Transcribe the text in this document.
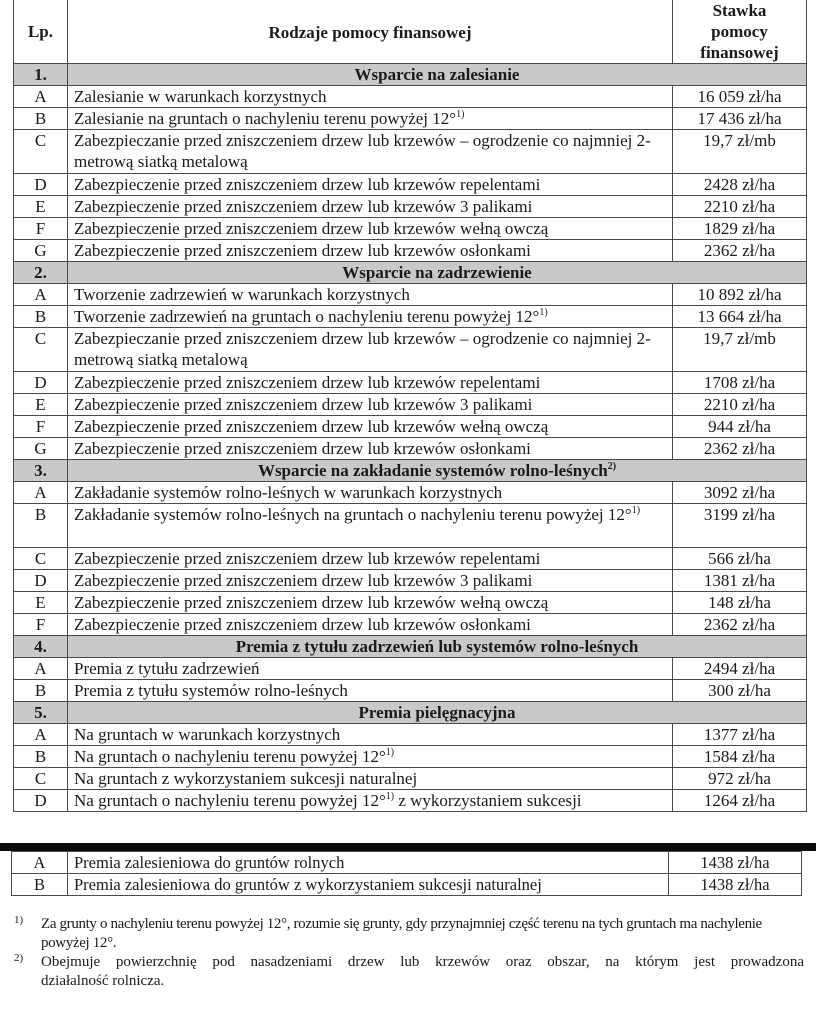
Lp.	Rodzaje pomocy finansowej	Stawka
pomocy
finansowej
1.	Wsparcie na zalesianie	
A	Zalesianie w warunkach korzystnych	16 059 zł/ha
B	Zalesianie na gruntach o nachyleniu terenu powyżej 12°$^{1)}$	17 436 zł/ha
C	Zabezpieczanie przed zniszczeniem drzew lub krzewów – ogrodzenie co najmniej 2-metrową siatką metalową	19,7 zł/mb
D	Zabezpieczenie przed zniszczeniem drzew lub krzewów repelentami	2428 zł/ha
E	Zabezpieczenie przed zniszczeniem drzew lub krzewów 3 palikami	2210 zł/ha
F	Zabezpieczenie przed zniszczeniem drzew lub krzewów wełną owczą	1829 zł/ha
G	Zabezpieczenie przed zniszczeniem drzew lub krzewów osłonkami	2362 zł/ha
2.	Wsparcie na zadrzewienie	
A	Tworzenie zadrzewień w warunkach korzystnych	10 892 zł/ha
B	Tworzenie zadrzewień na gruntach o nachyleniu terenu powyżej 12°$^{1)}$	13 664 zł/ha
C	Zabezpieczanie przed zniszczeniem drzew lub krzewów – ogrodzenie co najmniej 2-metrową siatką metalową	19,7 zł/mb
D	Zabezpieczenie przed zniszczeniem drzew lub krzewów repelentami	1708 zł/ha
E	Zabezpieczenie przed zniszczeniem drzew lub krzewów 3 palikami	2210 zł/ha
F	Zabezpieczenie przed zniszczeniem drzew lub krzewów wełną owczą	944 zł/ha
G	Zabezpieczenie przed zniszczeniem drzew lub krzewów osłonkami	2362 zł/ha
3.	Wsparcie na zakładanie systemów rolno-leśnych$^{2)}$
A	Zakładanie systemów rolno-leśnych w warunkach korzystnych	3092 zł/ha
B	Zakładanie systemów rolno-leśnych na gruntach o nachyleniu terenu powyżej 12°$^{1)}$	3199 zł/ha
C	Zabezpieczenie przed zniszczeniem drzew lub krzewów repelentami	566 zł/ha
D	Zabezpieczenie przed zniszczeniem drzew lub krzewów 3 palikami	1381 zł/ha
E	Zabezpieczenie przed zniszczeniem drzew lub krzewów wełną owczą	148 zł/ha
F	Zabezpieczenie przed zniszczeniem drzew lub krzewów osłonkami	2362 zł/ha
4.	Premia z tytułu zadrzewień lub systemów rolno-leśnych	
A	Premia z tytułu zadrzewień	2494 zł/ha
B	Premia z tytułu systemów rolno-leśnych	300 zł/ha
5.	Premia pielęgnacyjna	
A	Na gruntach w warunkach korzystnych	1377 zł/ha
B	Na gruntach o nachyleniu terenu powyżej 12°$^{1)}$	1584 zł/ha
C	Na gruntach z wykorzystaniem sukcesji naturalnej	972 zł/ha
D	Na gruntach o nachyleniu terenu powyżej 12°$^{1)}$ z wykorzystaniem sukcesji	1264 zł/ha
A	Premia zalesieniowa do gruntów rolnych	1438 zł/ha
B	Premia zalesieniowa do gruntów z wykorzystaniem sukcesji naturalnej	1438 zł/ha
1) Za grunty o nachyleniu terenu powyżej 12°, rozumie się grunty, gdy przynajmniej część terenu na tych gruntach ma nachylenie powyżej 12°.
2) Obejmuje powierzchnię pod nasadzeniami drzew lub krzewów oraz obszar, na którym jest prowadzona
działalność rolnicza.
